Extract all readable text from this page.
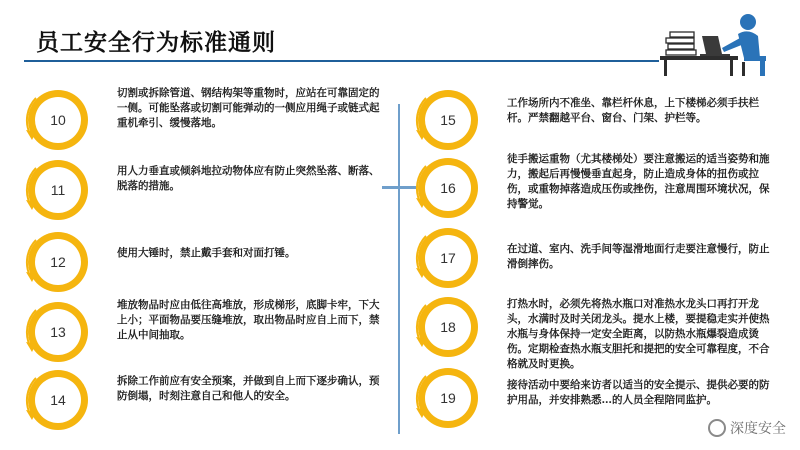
员工安全行为标准通则
10
切割或拆除管道、钢结构架等重物时，应站在可靠固定的一侧。可能坠落或切割可能弹动的一侧应用绳子或链式起重机牵引、缓慢落地。
11
用人力垂直或倾斜地拉动物体应有防止突然坠落、断落、脱落的措施。
12
使用大锤时，禁止戴手套和对面打锤。
13
堆放物品时应由低往高堆放，形成梯形，底脚卡牢，下大上小；平面物品要压缝堆放，取出物品时应自上而下，禁止从中间抽取。
14
拆除工作前应有安全预案，并做到自上而下逐步确认，预防倒塌，时刻注意自己和他人的安全。
15
工作场所内不准坐、靠栏杆休息，上下楼梯必须手扶栏杆。严禁翻越平台、窗台、门架、护栏等。
16
徒手搬运重物（尤其楼梯处）要注意搬运的适当姿势和施力，搬起后再慢慢垂直起身，防止造成身体的扭伤或拉伤，或重物掉落造成压伤或挫伤，注意周围环境状况，保持警觉。
17
在过道、室内、洗手间等湿滑地面行走要注意慢行，防止滑倒摔伤。
18
打热水时，必须先将热水瓶口对准热水龙头口再打开龙头，水满时及时关闭龙头。提水上楼，要提稳走实并使热水瓶与身体保持一定安全距离，以防热水瓶爆裂造成烫伤。定期检查热水瓶支胆托和提把的安全可靠程度，不合格就及时更换。
19
接待活动中要给来访者以适当的安全提示、提供必要的防护用品，并安排熟悉…的人员全程陪同监护。
深度安全
